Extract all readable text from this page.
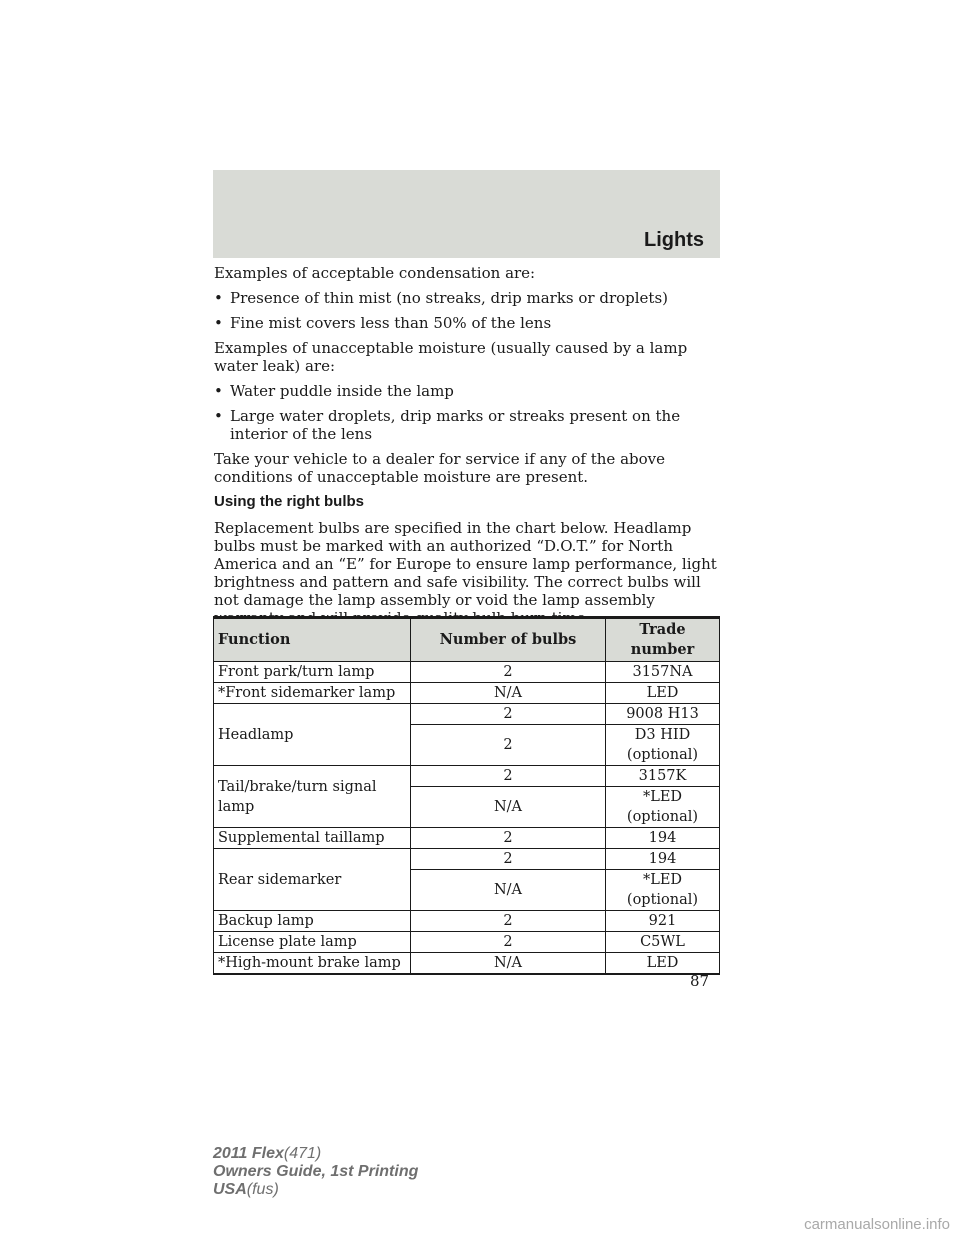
Lights

Examples of acceptable condensation are:

• Presence of thin mist (no streaks, drip marks or droplets)
• Fine mist covers less than 50% of the lens

Examples of unacceptable moisture (usually caused by a lamp water leak) are:

• Water puddle inside the lamp
• Large water droplets, drip marks or streaks present on the interior of the lens

Take your vehicle to a dealer for service if any of the above conditions of unacceptable moisture are present.

Using the right bulbs

Replacement bulbs are specified in the chart below. Headlamp bulbs must be marked with an authorized “D.O.T.” for North America and an “E” for Europe to ensure lamp performance, light brightness and pattern and safe visibility. The correct bulbs will not damage the lamp assembly or void the lamp assembly

Function	Number of bulbs	Trade number
Front park/turn lamp	2	3157NA
*Front sidemarker lamp	N/A	LED
Headlamp	2	9008 H13
	2	D3 HID (optional)
Tail/brake/turn signal lamp	2	3157K
	N/A	*LED (optional)
Supplemental taillamp	2	194
Rear sidemarker	2	194
	N/A	*LED (optional)
Backup lamp	2	921
License plate lamp	2	C5WL
*High-mount brake lamp	N/A	LED
87
2011 Flex(471)
Owners Guide, 1st Printing
USA(fus)
carmanualsonline.info
